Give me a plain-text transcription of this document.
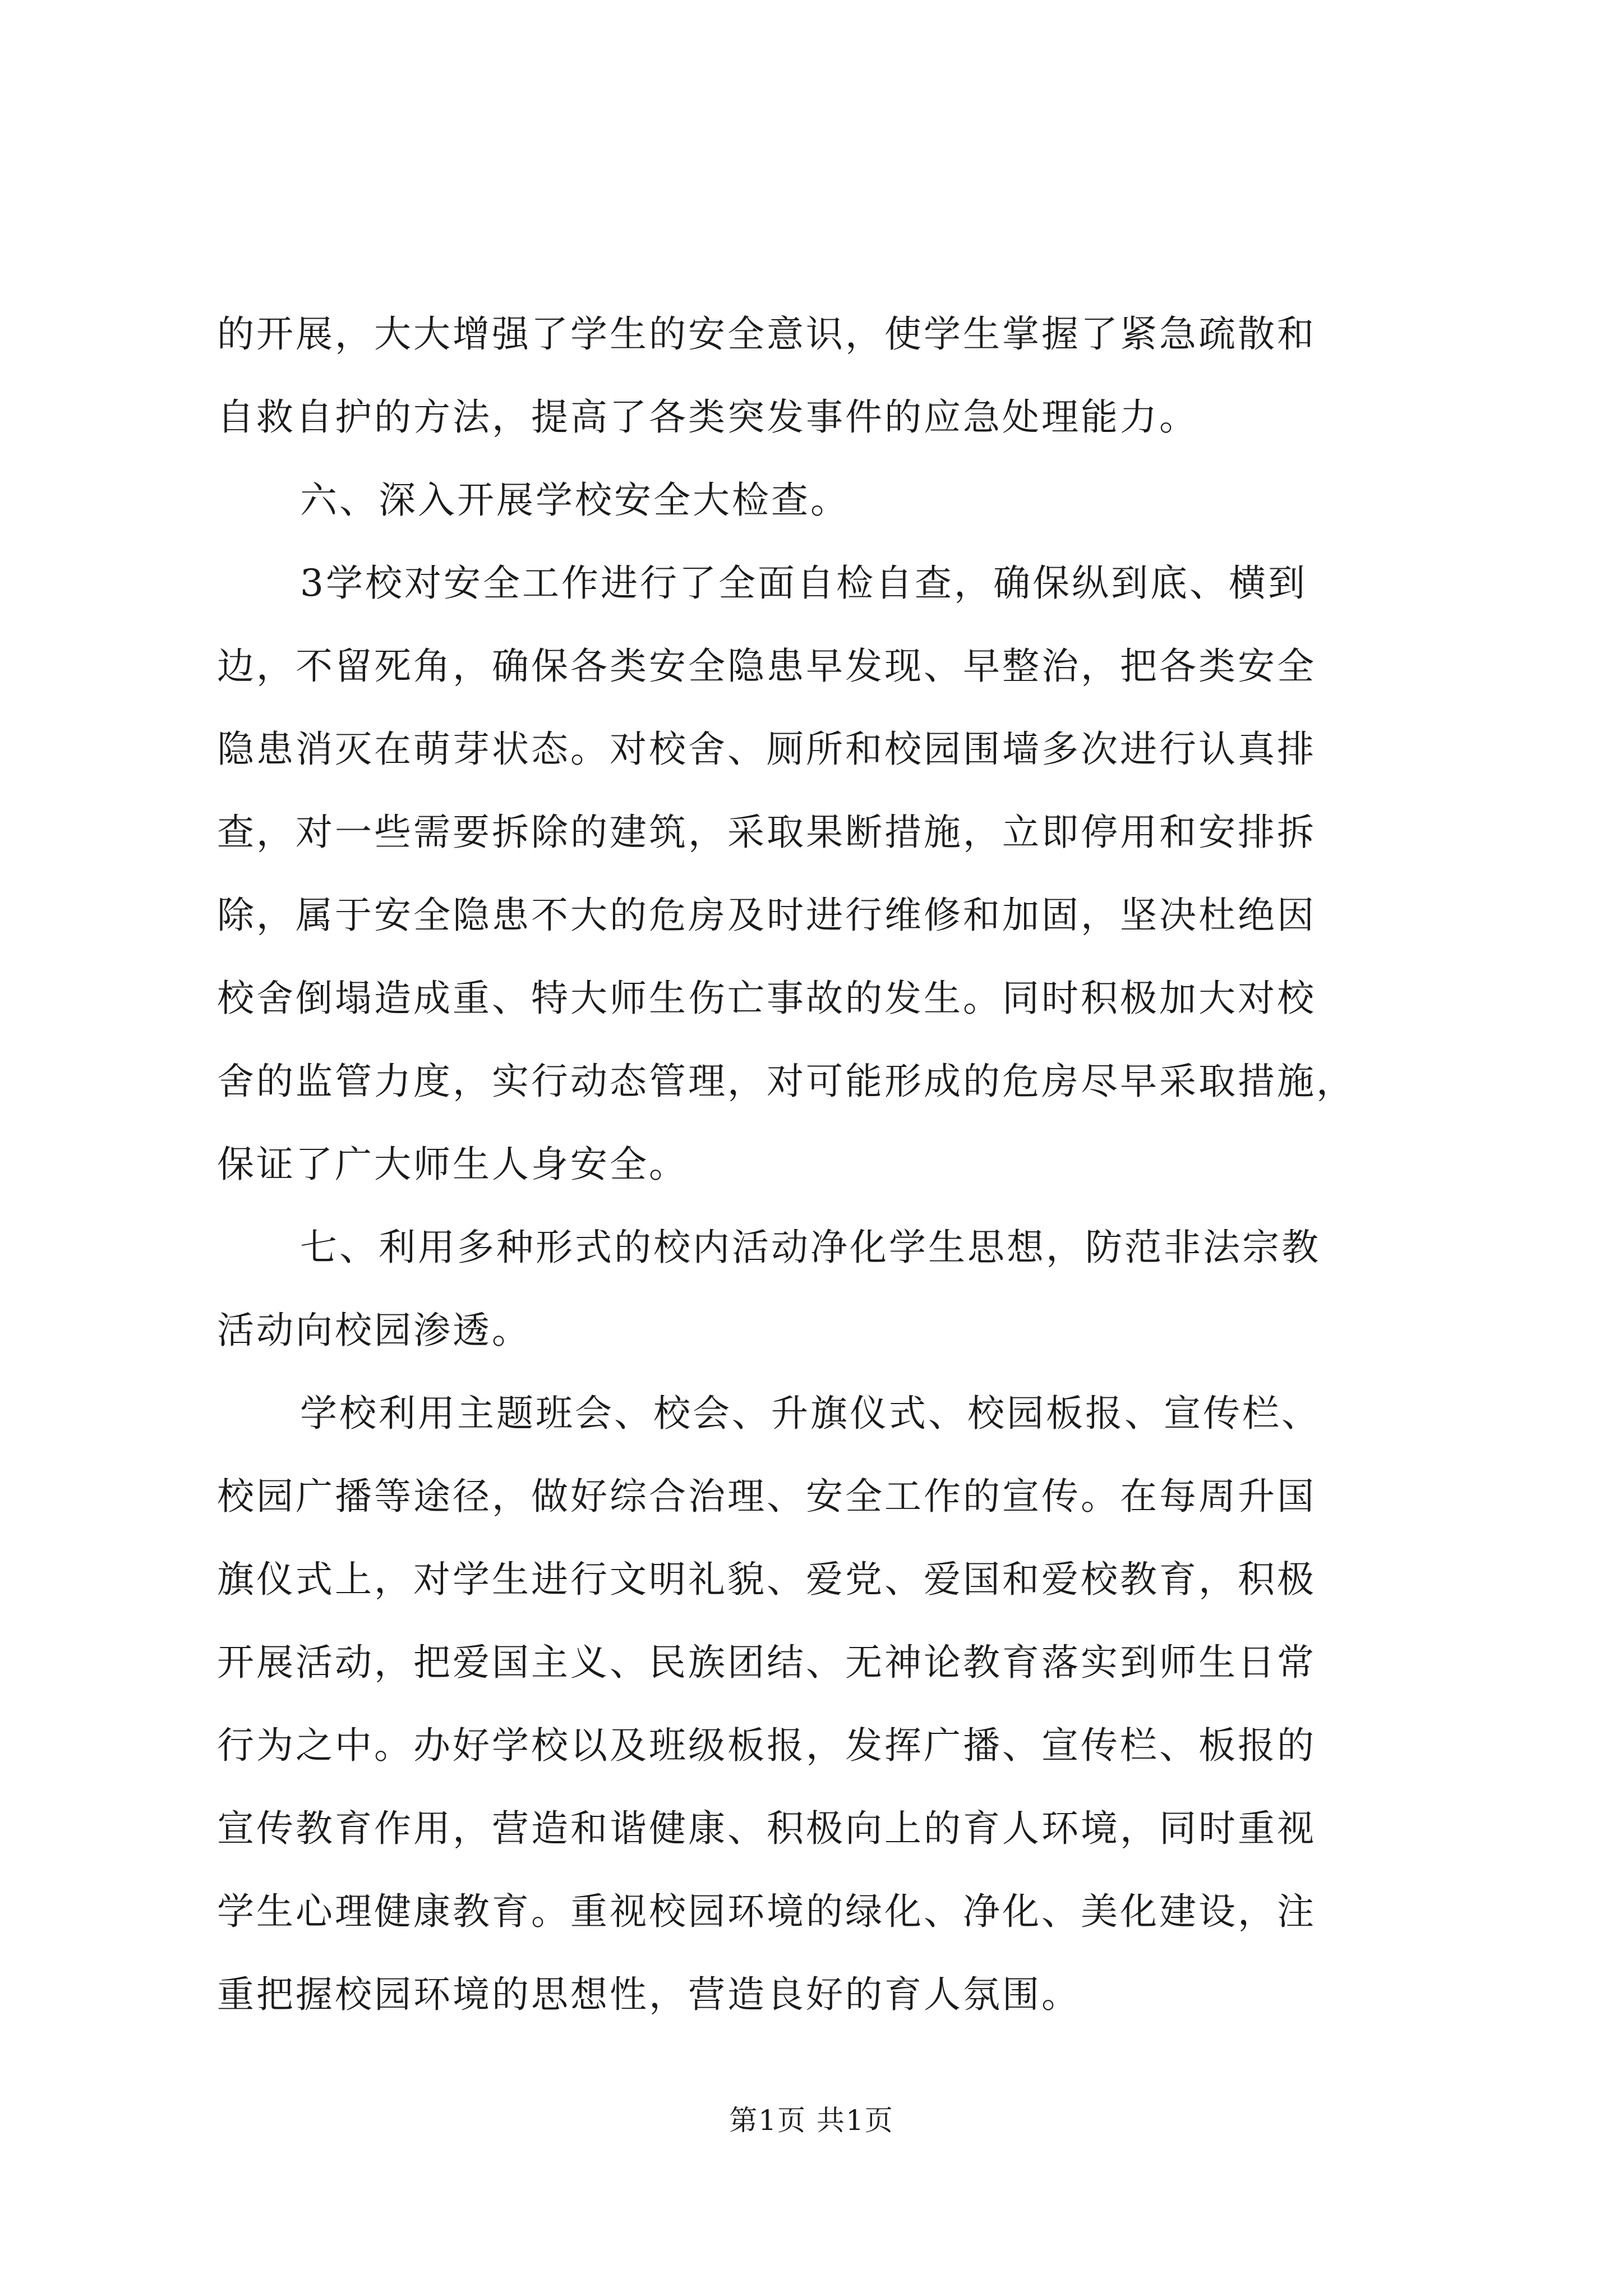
的开展，大大增强了学生的安全意识，使学生掌握了紧急疏散和

自救自护的方法，提高了各类突发事件的应急处理能力。

六、深入开展学校安全大检查。

3学校对安全工作进行了全面自检自查，确保纵到底、横到

边，不留死角，确保各类安全隐患早发现、早整治，把各类安全

隐患消灭在萌芽状态。对校舍、厕所和校园围墙多次进行认真排

查，对一些需要拆除的建筑，采取果断措施，立即停用和安排拆

除，属于安全隐患不大的危房及时进行维修和加固，坚决杜绝因

校舍倒塌造成重、特大师生伤亡事故的发生。同时积极加大对校

舍的监管力度，实行动态管理，对可能形成的危房尽早采取措施，

保证了广大师生人身安全。

七、利用多种形式的校内活动净化学生思想，防范非法宗教

活动向校园渗透。

学校利用主题班会、校会、升旗仪式、校园板报、宣传栏、

校园广播等途径，做好综合治理、安全工作的宣传。在每周升国

旗仪式上，对学生进行文明礼貌、爱党、爱国和爱校教育，积极

开展活动，把爱国主义、民族团结、无神论教育落实到师生日常

行为之中。办好学校以及班级板报，发挥广播、宣传栏、板报的

宣传教育作用，营造和谐健康、积极向上的育人环境，同时重视

学生心理健康教育。重视校园环境的绿化、净化、美化建设，注

重把握校园环境的思想性，营造良好的育人氛围。

第1页 共1页
